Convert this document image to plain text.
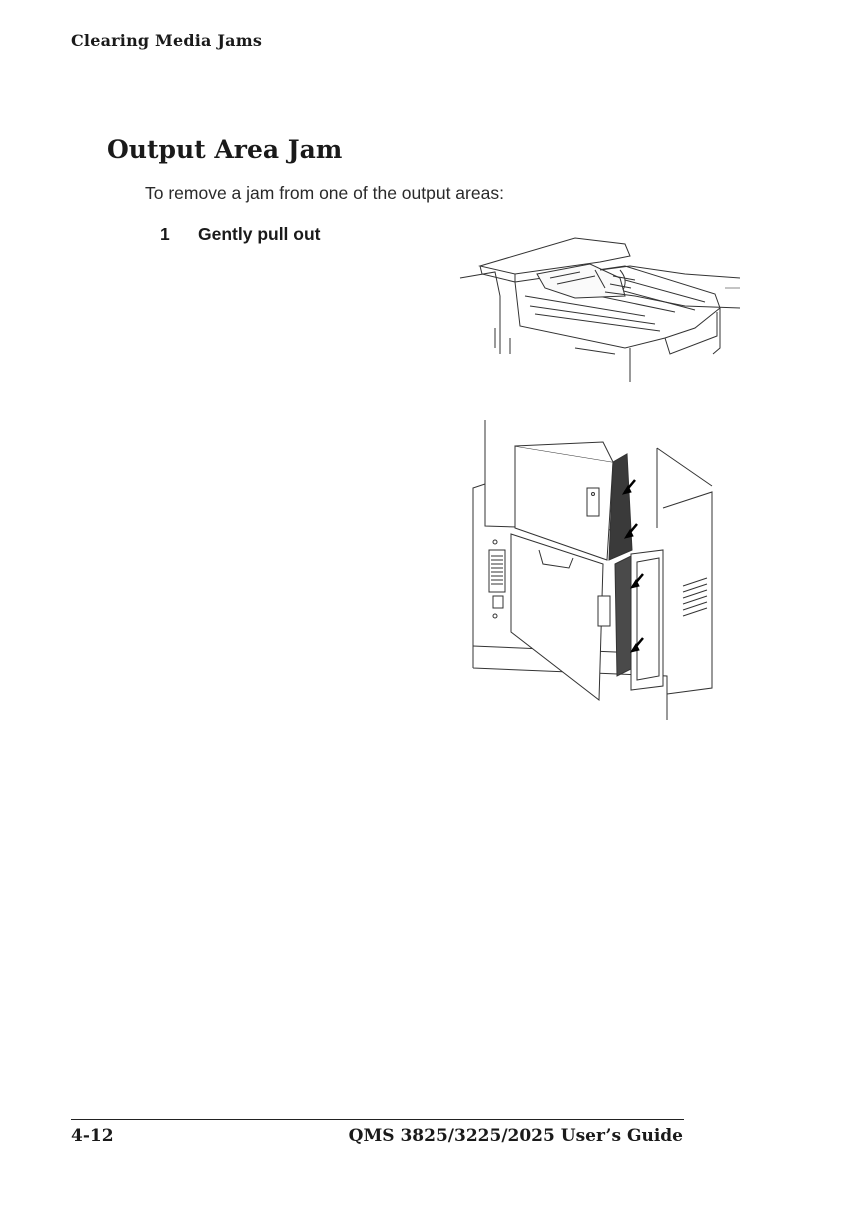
Clearing Media Jams
Output Area Jam
To remove a jam from one of the output areas:
1 Gently pull out
4-12	QMS 3825/3225/2025 User’s Guide
